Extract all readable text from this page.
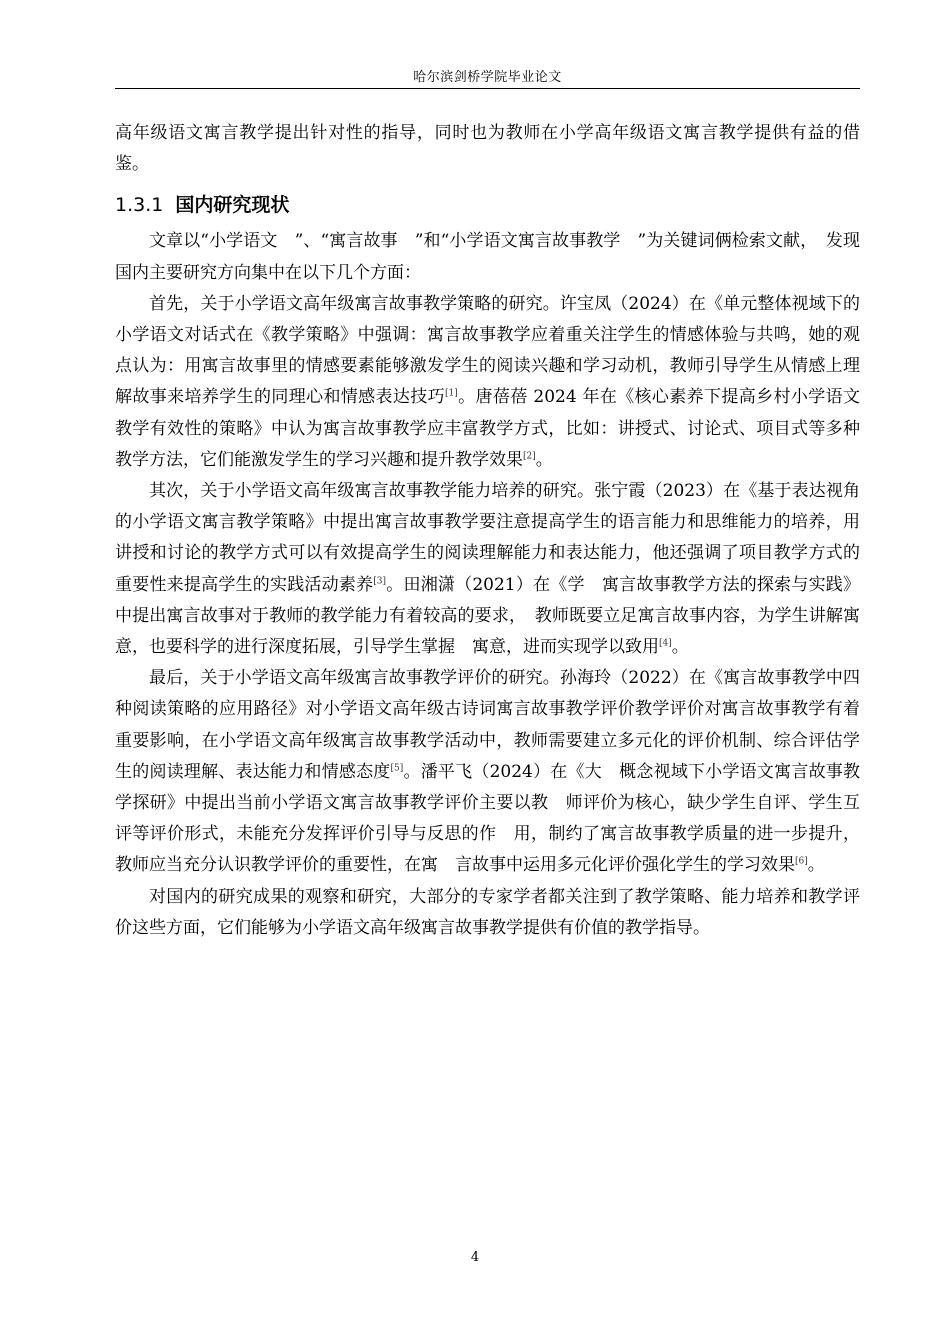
哈尔滨剑桥学院毕业论文

高年级语文寓言教学提出针对性的指导，同时也为教师在小学高年级语文寓言教学提供有益的借鉴。

1.3.1 国内研究现状

文章以“小学语文　”、“寓言故事　”和“小学语文寓言故事教学　”为关键词俩检索文献，　发现国内主要研究方向集中在以下几个方面：

首先，关于小学语文高年级寓言故事教学策略的研究。许宝凤（2024）在《单元整体视域下的小学语文对话式在《教学策略》中强调：寓言故事教学应着重关注学生的情感体验与共鸣，她的观点认为：用寓言故事里的情感要素能够激发学生的阅读兴趣和学习动机，教师引导学生从情感上理解故事来培养学生的同理心和情感表达技巧[1]。唐蓓蓓 2024 年在《核心素养下提高乡村小学语文教学有效性的策略》中认为寓言故事教学应丰富教学方式，比如：讲授式、讨论式、项目式等多种教学方法，它们能激发学生的学习兴趣和提升教学效果[2]。

其次，关于小学语文高年级寓言故事教学能力培养的研究。张宁霞（2023）在《基于表达视角的小学语文寓言教学策略》中提出寓言故事教学要注意提高学生的语言能力和思维能力的培养，用讲授和讨论的教学方式可以有效提高学生的阅读理解能力和表达能力，他还强调了项目教学方式的重要性来提高学生的实践活动素养[3]。田湘潇（2021）在《学　寓言故事教学方法的探索与实践》中提出寓言故事对于教师的教学能力有着较高的要求，　教师既要立足寓言故事内容，为学生讲解寓意，也要科学的进行深度拓展，引导学生掌握　寓意，进而实现学以致用[4]。

最后，关于小学语文高年级寓言故事教学评价的研究。孙海玲（2022）在《寓言故事教学中四种阅读策略的应用路径》对小学语文高年级古诗词寓言故事教学评价教学评价对寓言故事教学有着重要影响，在小学语文高年级寓言故事教学活动中，教师需要建立多元化的评价机制、综合评估学生的阅读理解、表达能力和情感态度[5]。潘平飞（2024）在《大　概念视域下小学语文寓言故事教学探研》中提出当前小学语文寓言故事教学评价主要以教　师评价为核心，缺少学生自评、学生互评等评价形式，未能充分发挥评价引导与反思的作　用，制约了寓言故事教学质量的进一步提升，教师应当充分认识教学评价的重要性，在寓　言故事中运用多元化评价强化学生的学习效果[6]。

对国内的研究成果的观察和研究，大部分的专家学者都关注到了教学策略、能力培养和教学评价这些方面，它们能够为小学语文高年级寓言故事教学提供有价值的教学指导。

4
